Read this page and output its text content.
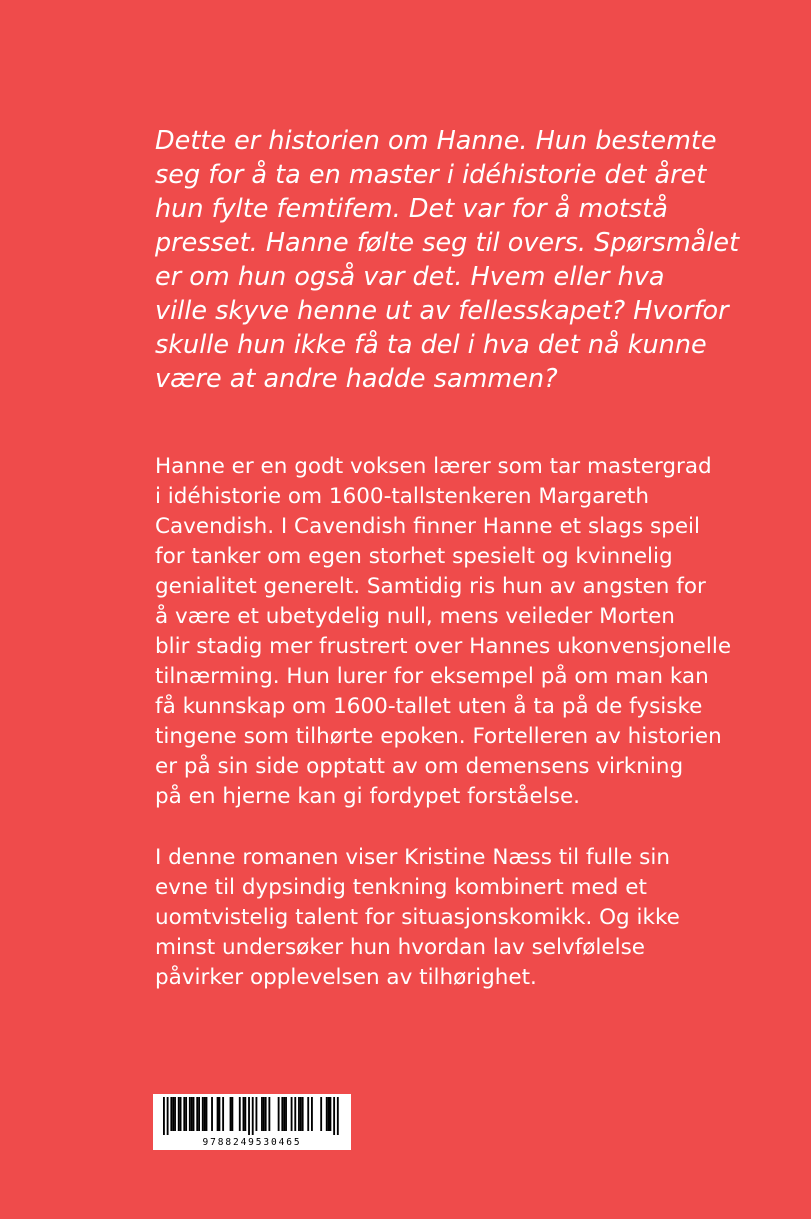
Dette er historien om Hanne. Hun bestemte
seg for å ta en master i idéhistorie det året
hun fylte femtifem. Det var for å motstå
presset. Hanne følte seg til overs. Spørsmålet
er om hun også var det. Hvem eller hva
ville skyve henne ut av fellesskapet? Hvorfor
skulle hun ikke få ta del i hva det nå kunne
være at andre hadde sammen?
Hanne er en godt voksen lærer som tar mastergrad
i idéhistorie om 1600-tallstenkeren Margareth
Cavendish. I Cavendish finner Hanne et slags speil
for tanker om egen storhet spesielt og kvinnelig
genialitet generelt. Samtidig ris hun av angsten for
å være et ubetydelig null, mens veileder Morten
blir stadig mer frustrert over Hannes ukonvensjonelle
tilnærming. Hun lurer for eksempel på om man kan
få kunnskap om 1600-tallet uten å ta på de fysiske
tingene som tilhørte epoken. Fortelleren av historien
er på sin side opptatt av om demensens virkning
på en hjerne kan gi fordypet forståelse.
I denne romanen viser Kristine Næss til fulle sin
evne til dypsindig tenkning kombinert med et
uomtvistelig talent for situasjonskomikk. Og ikke
minst undersøker hun hvordan lav selvfølelse
påvirker opplevelsen av tilhørighet.
9788249530465
